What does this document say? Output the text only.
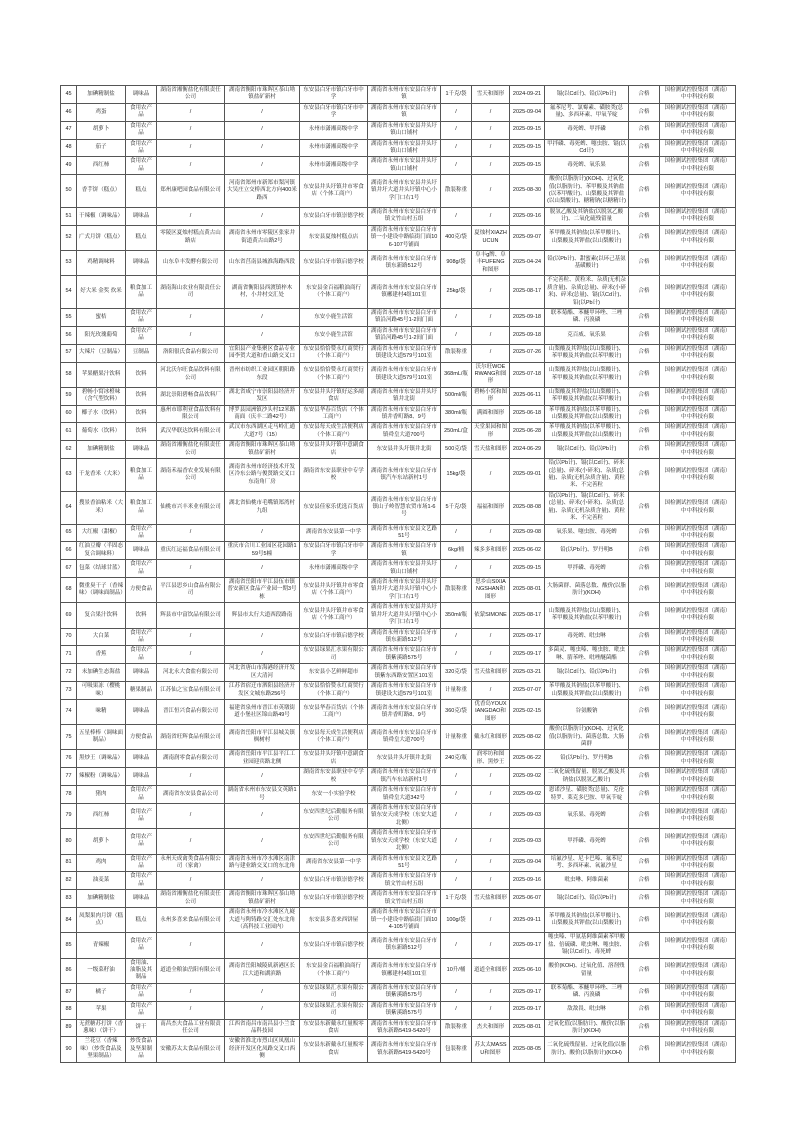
45	加碘精制盐	调味品	湖南省湘衡盐化有限责任公司	湖南省衡阳市珠晖区茶山坳镇盐矿新村	东安县白牙市镇白牙市中学	湖南省永州市东安县白牙市镇	1千克/袋	雪天和图形	2024-09-21	镉(以Cd计)、铅(以Pb计)	合格	国检测试控股集团（湖南）中中科技有限
46	鸡蛋	食用农产品	/	/	东安县白牙市镇白牙市中学	湖南省永州市东安县白牙市镇	/	/	2025-09-04	氟苯尼考、氯霉素、磺胺类(总量)、多西环素、甲氧苄啶	合格	国检测试控股集团（湖南）中中科技有限
47	胡萝卜	食用农产品	/	/	永州市潇湘高级中学	湖南省永州市东安县井头圩镇山口铺村	/	/	2025-09-15	毒死蜱、甲拌磷	合格	国检测试控股集团（湖南）中中科技有限
48	茄子	食用农产品	/	/	永州市潇湘高级中学	湖南省永州市东安县井头圩镇山口铺村	/	/	2025-09-15	甲拌磷、毒死蜱、噻虫胺、镉(以Cd计)	合格	国检测试控股集团（湖南）中中科技有限
49	西红柿	食用农产品	/	/	永州市潇湘高级中学	湖南省永州市东安县井头圩镇山口铺村	/	/	2025-09-15	毒死蜱、氧乐果	合格	国检测试控股集团（湖南）中中科技有限
50	香芋饼（糕点）	糕点	郑州康吧园食品有限公司	河南省郑州市新郑市梨河镇大吴庄立交桥西北方向400米路西	东安县井头圩镇井市零食店（个体工商户）	湖南省永州市东安县井头圩镇井圩大道井头圩镇中心小学门口右1号	散装称重	/	2025-08-30	酸价(以脂肪计)(KOH)、过氧化值(以脂肪计)、苯甲酸及其钠盐(以苯甲酸计)、山梨酸及其钾盐(以山梨酸计)、糖精钠(以糖精计)	合格	国检测试控股集团（湖南）中中科技有限
51	干辣椒（调味品）	调味品	/	/	东安县白牙市镇崇德学校	湖南省永州市东安县白牙市镇文竹山村五组	/	/	2025-09-16	脱氢乙酸及其钠盐(以脱氢乙酸计)、二氧化硫残留量	合格	国检测试控股集团（湖南）中中科技有限
52	广式月饼（糕点）	糕点	零陵区夏烛村糕点黄古山路店	湖南省永州市零陵区张家井街道黄古山路2号	东安县夏烛村糕点店	湖南省永州市东安县白牙市镇一小建设中路临街门面106-107号铺面	400克/袋	夏烛村XIAZHUCUN	2025-09-07	苯甲酸及其钠盐(以苯甲酸计)、山梨酸及其钾盐(以山梨酸计)	合格	国检测试控股集团（湖南）中中科技有限
53	鸡精调味料	调味品	山东阜丰发酵有限公司	山东省莒南县城淮海路西段	东安县白牙市镇启德学校	湖南省永州市东安县白牙市镇东新路512号	908g/袋	阜丰g牌、阜丰FUFENG和图形	2025-04-24	铅(以Pb计)、甜蜜素(以环己基氨基磺酸计)	合格	国检测试控股集团（湖南）中中科技有限
54	好大米 金奖 炊米	粮食加工品	湖南海山农业有限责任公司	湖南省衡阳县西渡镇梓木村，小井村交汇处	东安县金百福粮油商行（个体工商户）	湖南省永州市东安县白牙市镇郴建村4组101室	25kg/袋	/	2025-08-17	不完善粒、黄粒米、杂质(无机杂质含量)、杂质(总量)、碎米(小碎米)、碎米(总量)、镉(以Cd计)、铅(以Pb计)	合格	国检测试控股集团（湖南）中中科技有限
55	蜜桔	食用农产品	/	/	东安小鹿生活馆	湖南省永州市东安县白牙市镇沿河路45号1-2间门面	/	/	2025-09-18	联苯菊酯、苯醚甲环唑、三唑磷、丙溴磷	合格	国检测试控股集团（湖南）中中科技有限
56	阳光玫瑰葡萄	食用农产品	/	/	东安小鹿生活馆	湖南省永州市东安县白牙市镇沿河路45号1-2间门面	/	/	2025-09-18	克百威、氧乐果	合格	国检测试控股集团（湖南）中中科技有限
57	大辣片（豆制品）	豆制品	洛阳很氏食品有限公司	宜阳县产业集聚区食品专业园李贺大道和香山路交叉口	东安县恰恰赞永红商贸行（个体工商户）	湖南省永州市东安县白牙市镇建设大道579号101室	散装称重	/	2025-07-26	山梨酸及其钾盐(以山梨酸计)、苯甲酸及其钠盐(以苯甲酸计)	合格	国检测试控股集团（湖南）中中科技有限
58	苹果醋果汁饮料	饮料	河北沃尔旺食品饮料有限公司	晋州市纺织工业园区朝阳路东段	东安县恰恰赞永红商贸行（个体工商户）	湖南省永州市东安县白牙市镇建设大道579号101室	368mL/瓶	沃尔旺WOERWANG和图形	2025-07-18	山梨酸及其钾盐(以山梨酸计)、苯甲酸及其钠盐(以苯甲酸计)	合格	国检测试控股集团（湖南）中中科技有限
59	碧畅小窝冰橙味（含气型饮料）	饮料	湖北崇阳碧畅食品饮料厂	湖北省咸宁市崇阳县经济开发区	东安县井头圩镇好运多副食店	湖南省永州市东安县井头圩镇井北街	500ml/瓶	碧畅小窝和图形	2025-06-11	山梨酸及其钾盐(以山梨酸计)、苯甲酸及其钠盐(以苯甲酸计)	合格	国检测试控股集团（湖南）中中科技有限
60	椰子水（饮料）	饮料	惠州市耶利亚食品饮料有限公司	博罗县园洲镇沙头村12米路南面（庆丰二路42号）	东安县华春百货店（个体工商户）	湖南省永州市东安县白牙市镇井香町路8、9号	380ml/瓶	满圆和图形	2025-06-18	苯甲酸及其钠盐(以苯甲酸计)、山梨酸及其钾盐(以山梨酸计)	合格	国检测试控股集团（湖南）中中科技有限
61	葡萄水（饮料）	饮料	武汉华联达饮料有限公司	武汉市东西湖区走马岭汇通大道7号（15）	东安县每天成生活便利店（个体工商户）	湖南省永州市东安县白牙市镇舜皇大道700号	250mL/盒	天堂果园和图形	2025-06-28	苯甲酸及其钠盐(以苯甲酸计)、山梨酸及其钾盐(以山梨酸计)	合格	国检测试控股集团（湖南）中中科技有限
62	加碘精制盐	调味品	湖南省湘衡盐化有限责任公司	湖南省衡阳市珠晖区茶山坳镇盐矿新村	东安县井头圩镇中意副食店	东安县井头圩镇井北街	500克/袋	雪天盐和图形	2024-06-29	镉(以Cd计)、铅(以Pb计)	合格	国检测试控股集团（湖南）中中科技有限
63	千龙香米（大米）	粮食加工品	湖南禾福香农业发展有限公司	湖南省永州市经济技术开发区冷东公路与俊贤路交叉口东南角厂房	湖南省东安县职业中专学校	湖南省永州市东安县白牙市镇汽车东站新村1号	15kg/袋	/	2025-09-01	铅(以Pb计)、镉(以Cd计)、碎米(总量)、碎米(小碎米)、杂质(总量)、杂质(无机杂质含量)、黄粒米、不完善粒	合格	国检测试控股集团（湖南）中中科技有限
64	搜景香油粘米（大米）	粮食加工品	仙桃市兴丰米业有限公司	湖北省仙桃市毛嘴镇郑湾村九组	东安县佳家乐优选百货店	湖南省永州市东安县白牙市镇山子岭智慧农贸市场1-6号	5千克/袋	福福和图形	2025-08-08	铅(以Pb计)、镉(以Cd计)、碎米(总量)、碎米(小碎米)、杂质(总量)、杂质(无机杂质含量)、黄粒米、不完善粒	合格	国检测试控股集团（湖南）中中科技有限
65	大红椒（甜椒）	食用农产品	/	/	湖南省东安县第一中学	湖南省永州市东安县文艺路51号	/	/	2025-09-08	氧乐果、噻虫胺、毒死蜱	合格	国检测试控股集团（湖南）中中科技有限
66	红油豆瓣（半固态复合调味料）	调味品	重庆红运福食品有限公司	重庆市合川工业园区花园路159号5幢	东安县白牙市镇白牙市中学	湖南省永州市东安县白牙市镇	6kg/桶	辣多多和图形	2025-06-02	铅(以Pb计)、罗丹明B	合格	国检测试控股集团（湖南）中中科技有限
67	包菜（结球甘蓝）	食用农产品	/	/	永州市潇湘高级中学	湖南省永州市东安县井头圩镇山口铺村	/	/	2025-09-15	甲拌磷、毒死蜱	合格	国检测试控股集团（湖南）中中科技有限
68	微重臭干子（香辣味）（调味面制品）	方便食品	平江县思乡山食品有限公司	湖南省岳阳市平江县伍市镇普安新区食品产业园一期3号栋	东安县井头圩镇井市零食店（个体工商户）	湖南省永州市东安县井头圩镇井圩大道井头圩镇中心小学门口右1号	散装称重	思乡山SIXIANGSHAN和图形	2025-08-01	大肠菌群、菌落总数、酸价(以脂肪计)(KOH)	合格	国检测试控股集团（湖南）中中科技有限
69	复合果汁饮料	饮料	辉县市中富饮品有限公司	辉县市太行大道西段路南	东安县井头圩镇井市零食店（个体工商户）	湖南省永州市东安县井头圩镇井圩大道井头圩镇中心小学门口右1号	350ml/瓶	依蒙SIMONE	2025-08-17	山梨酸及其钾盐(以山梨酸计)、苯甲酸及其钠盐(以苯甲酸计)	合格	国检测试控股集团（湖南）中中科技有限
70	大白菜	食用农产品	/	/	东安县白牙市镇启德学校	湖南省永州市东安县白牙市镇东新路512号	/	/	2025-09-17	毒死蜱、吡虫啉	合格	国检测试控股集团（湖南）中中科技有限
71	香蕉	食用农产品	/	/	东安县绿果汇水果有限公司	湖南省永州市东安县白牙市镇紫溪路575号	/	/	2025-09-17	多菌灵、噻虫嗪、噻虫胺、吡虫啉、腈苯唑、吡唑醚菌酯	合格	国检测试控股集团（湖南）中中科技有限
72	未加碘生态海盐	调味品	河北永大食盐有限公司	河北省唐山市海港经济开发区大清河	东安县小艺鲜鲜超市	湖南省永州市东安县白牙市镇紫东西路安置区101室	320克/袋	雪天盐和图形	2025-03-21	镉(以Cd计)、铅(以Pb计)	合格	国检测试控股集团（湖南）中中科技有限
73	可吸果冻（樱桃味）	糖果制品	江苏仙之宝食品有限公司	江苏省宿迁市泗阳县经济开发区文城东路256号	东安县恰恰赞永红商贸行（个体工商户）	湖南省永州市东安县白牙市镇建设大道579号101室	计量称重	/	2025-07-07	苯甲酸及其钠盐(以苯甲酸计)、山梨酸及其钾盐(以山梨酸计)	合格	国检测试控股集团（湖南）中中科技有限
74	味精	调味品	晋江恒兴食品有限公司	福建省泉州市晋江市英墩街道小堡社区锦山路49号	东安县华春百货店（个体工商户）	湖南省永州市东安县白牙市镇井香町路8、9号	360克/袋	优香岛YOUXIANGDAO和图形	2025-02-15	谷氨酸钠	合格	国检测试控股集团（湖南）中中科技有限
75	五星棒棒（调味面制品）	方便食品	湖南省旺辉食品有限公司	湖南省岳阳市平江县城关镇枫树村	东安县每天成生活便利店（个体工商户）	湖南省永州市东安县白牙市镇舜皇大道700号	计量称重	戴永红和图形	2025-08-02	酸价(以脂肪计)(KOH)、过氧化值(以脂肪计)、菌落总数、大肠菌群	合格	国检测试控股集团（湖南）中中科技有限
76	黑炒王（调味品）	调味品	湖南润零食品有限公司	湖南省岳阳市平江县平江工业园迎宾路北侧	东安县井头圩镇中意副食店	东安县井头圩镇井北街	240克/瓶	润零坊和图形、黑炒王	2025-06-22	铅(以Pb计)、罗丹明B	合格	国检测试控股集团（湖南）中中科技有限
77	辣椒粉（调味品）	调味品	/	/	湖南省东安县职业中专学校	湖南省永州市东安县白牙市镇汽车东站新村1号	/	/	2025-09-02	二氧化硫残留量、脱氢乙酸及其钠盐(以脱氢乙酸计)	合格	国检测试控股集团（湖南）中中科技有限
78	猪肉	食用农产品	湖南省东安县食品公司	湖南省永州市东安县文英路1号	东安一小实验学校	湖南省永州市东安县白牙市镇舜皇大道342号	/	/	2025-09-02	恩诺沙星、磺胺类(总量)、克伦特罗、莱克多巴胺、甲氧苄啶	合格	国检测试控股集团（湖南）中中科技有限
79	西红柿	食用农产品	/	/	东安四世纪后勤服务有限公司	湖南省永州市东安县白牙市镇东安天成学校（东安大道北侧）	/	/	2025-09-03	氧乐果、毒死蜱	合格	国检测试控股集团（湖南）中中科技有限
80	胡萝卜	食用农产品	/	/	东安四世纪后勤服务有限公司	湖南省永州市东安县白牙市镇东安天成学校（东安大道北侧）	/	/	2025-09-03	甲拌磷、毒死蜱	合格	国检测试控股集团（湖南）中中科技有限
81	鸡肉	食用农产品	永州天成禽类食品有限公司（家禽）	湖南省永州市冷水滩区南津路与建业路交叉口的东北角	湖南省东安县第一中学	湖南省永州市东安县文艺路51号	/	/	2025-09-04	培氟沙星、尼卡巴嗪、氟苯尼考、多西环素、氧氟沙星	合格	国检测试控股集团（湖南）中中科技有限
82	油麦菜	食用农产品	/	/	东安县白牙市镇崇德学校	湖南省永州市东安县白牙市镇文竹山村五组	/	/	2025-09-16	吡虫啉、阿维菌素	合格	国检测试控股集团（湖南）中中科技有限
83	加碘精制盐	调味品	湖南省湘衡盐化有限责任公司	湖南省衡阳市珠晖区茶山坳镇盐矿新村	东安县白牙市镇崇德学校	湖南省永州市东安县白牙市镇文竹山村五组	1千克/袋	雪天盐和图形	2025-06-07	镉(以Cd计)、铅(以Pb计)	合格	国检测试控股集团（湖南）中中科技有限
84	凤梨果肉月饼（糕点）	糕点	永州多喜来食品有限公司	湖南省永州市冷水滩区九嶷大道与陶铸路交汇处东北角（高科技工业园内）	东安县多喜来西饼屋	湖南省永州市东安县白牙市镇一小建设中路临街门面104-105号铺面	100g/袋	/	2025-09-11	苯甲酸及其钠盐(以苯甲酸计)、山梨酸及其钾盐(以山梨酸计)	合格	国检测试控股集团（湖南）中中科技有限
85	青辣椒	食用农产品	/	/	东安县白牙市镇启德学校	湖南省永州市东安县白牙市镇东新路512号	/	/	2025-09-17	噻虫嗪、甲氨基阿维菌素苯甲酸盐、倍硫磷、吡虫啉、噻虫胺、镉(以Cd计)、毒死蜱	合格	国检测试控股集团（湖南）中中科技有限
86	一级菜籽油	食用油、油脂及其制品	道道全粮油岳阳有限公司	湖南省岳阳城陵矶新港区长江大道和湖滨路	东安县金百福粮油商行（个体工商户）	湖南省永州市东安县白牙市镇郴建村4组101室	10升/桶	道道全和图形	2025-06-10	酸价(KOH)、过氧化值、溶剂残留量	合格	国检测试控股集团（湖南）中中科技有限
87	橘子	食用农产品	/	/	东安县绿果汇水果有限公司	湖南省永州市东安县白牙市镇紫溪路575号	/	/	2025-09-17	联苯菊酯、苯醚甲环唑、三唑磷、丙溴磷	合格	国检测试控股集团（湖南）中中科技有限
88	苹果	食用农产品	/	/	东安县绿果汇水果有限公司	湖南省永州市东安县白牙市镇紫溪路575号	/	/	2025-09-17	敌敌畏、吡虫啉	合格	国检测试控股集团（湖南）中中科技有限
89	无蔗糖苏打饼（香葱味）（饼干）	饼干	南昌杰夫食品工业有限责任公司	江西省南昌市南昌县小兰食品科技园	东安县东新戴永红量贩零食店	湖南省永州市东安县白牙市镇东新路5419-5420号	散装称重	杰夫和图形	2025-08-01	过氧化值(以脂肪计)、酸价(以脂肪计)(KOH)	合格	国检测试控股集团（湖南）中中科技有限
90	兰花豆（香辣味）（炒货食品及坚果制品）	炒货食品及坚果制品	安徽苏太太食品有限公司	安徽省淮北市烈山区凤凰山经济开发区化凤路交叉口西侧	东安县东新戴永红量贩零食店	湖南省永州市东安县白牙市镇东新路5419-5420号	包装称重	苏太太MASSU和图形	2025-08-05	二氧化硫残留量、过氧化值(以脂肪计)、酸价(以脂肪计)(KOH)	合格	国检测试控股集团（湖南）中中科技有限
